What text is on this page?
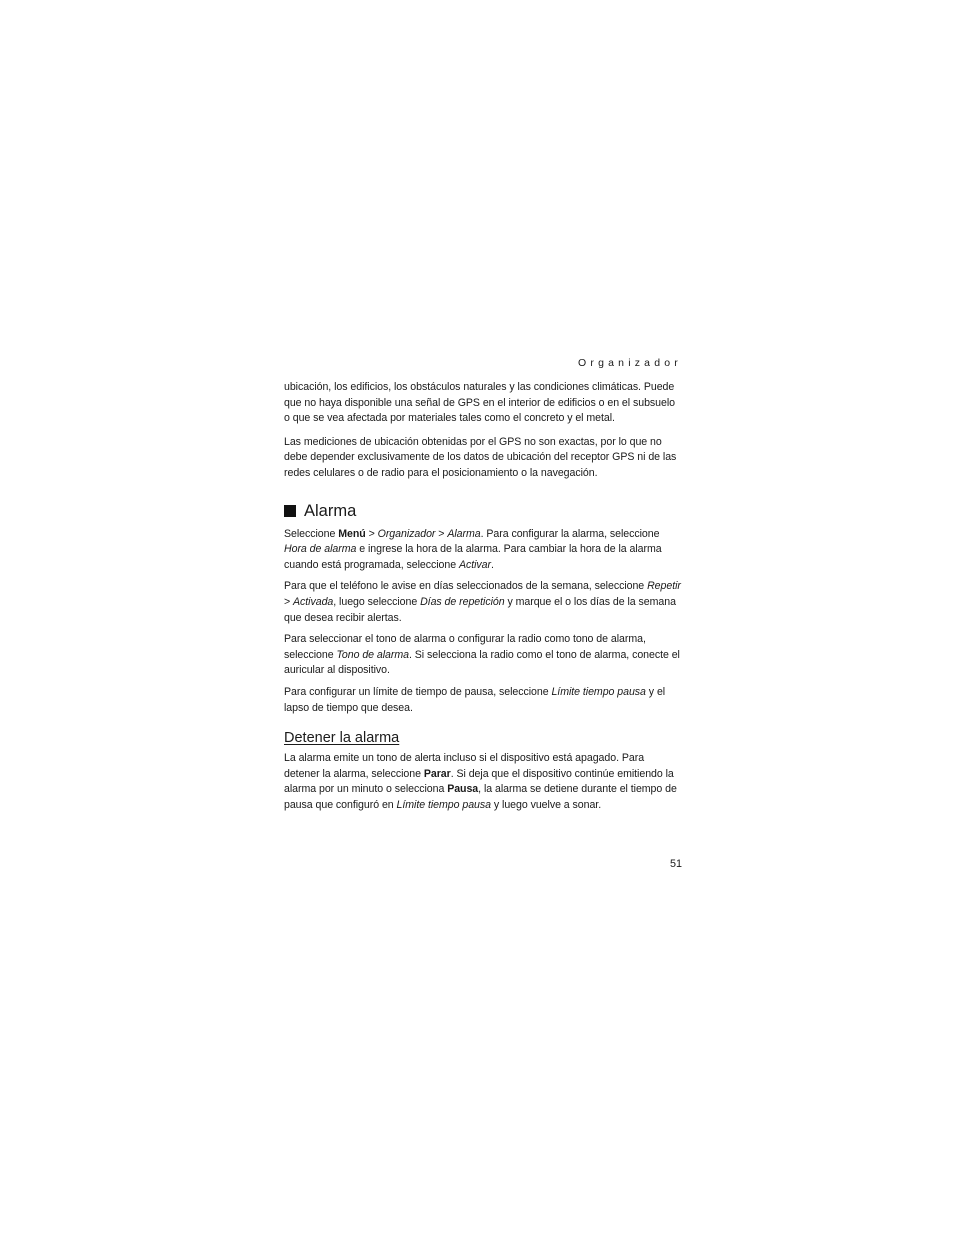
Organizador

ubicación, los edificios, los obstáculos naturales y las condiciones climáticas. Puede que no haya disponible una señal de GPS en el interior de edificios o en el subsuelo o que se vea afectada por materiales tales como el concreto y el metal.

Las mediciones de ubicación obtenidas por el GPS no son exactas, por lo que no debe depender exclusivamente de los datos de ubicación del receptor GPS ni de las redes celulares o de radio para el posicionamiento o la navegación.

Alarma

Seleccione Menú > Organizador > Alarma. Para configurar la alarma, seleccione Hora de alarma e ingrese la hora de la alarma. Para cambiar la hora de la alarma cuando está programada, seleccione Activar.

Para que el teléfono le avise en días seleccionados de la semana, seleccione Repetir > Activada, luego seleccione Días de repetición y marque el o los días de la semana que desea recibir alertas.

Para seleccionar el tono de alarma o configurar la radio como tono de alarma, seleccione Tono de alarma. Si selecciona la radio como el tono de alarma, conecte el auricular al dispositivo.

Para configurar un límite de tiempo de pausa, seleccione Límite tiempo pausa y el lapso de tiempo que desea.

Detener la alarma

La alarma emite un tono de alerta incluso si el dispositivo está apagado. Para detener la alarma, seleccione Parar. Si deja que el dispositivo continúe emitiendo la alarma por un minuto o selecciona Pausa, la alarma se detiene durante el tiempo de pausa que configuró en Límite tiempo pausa y luego vuelve a sonar.

51
